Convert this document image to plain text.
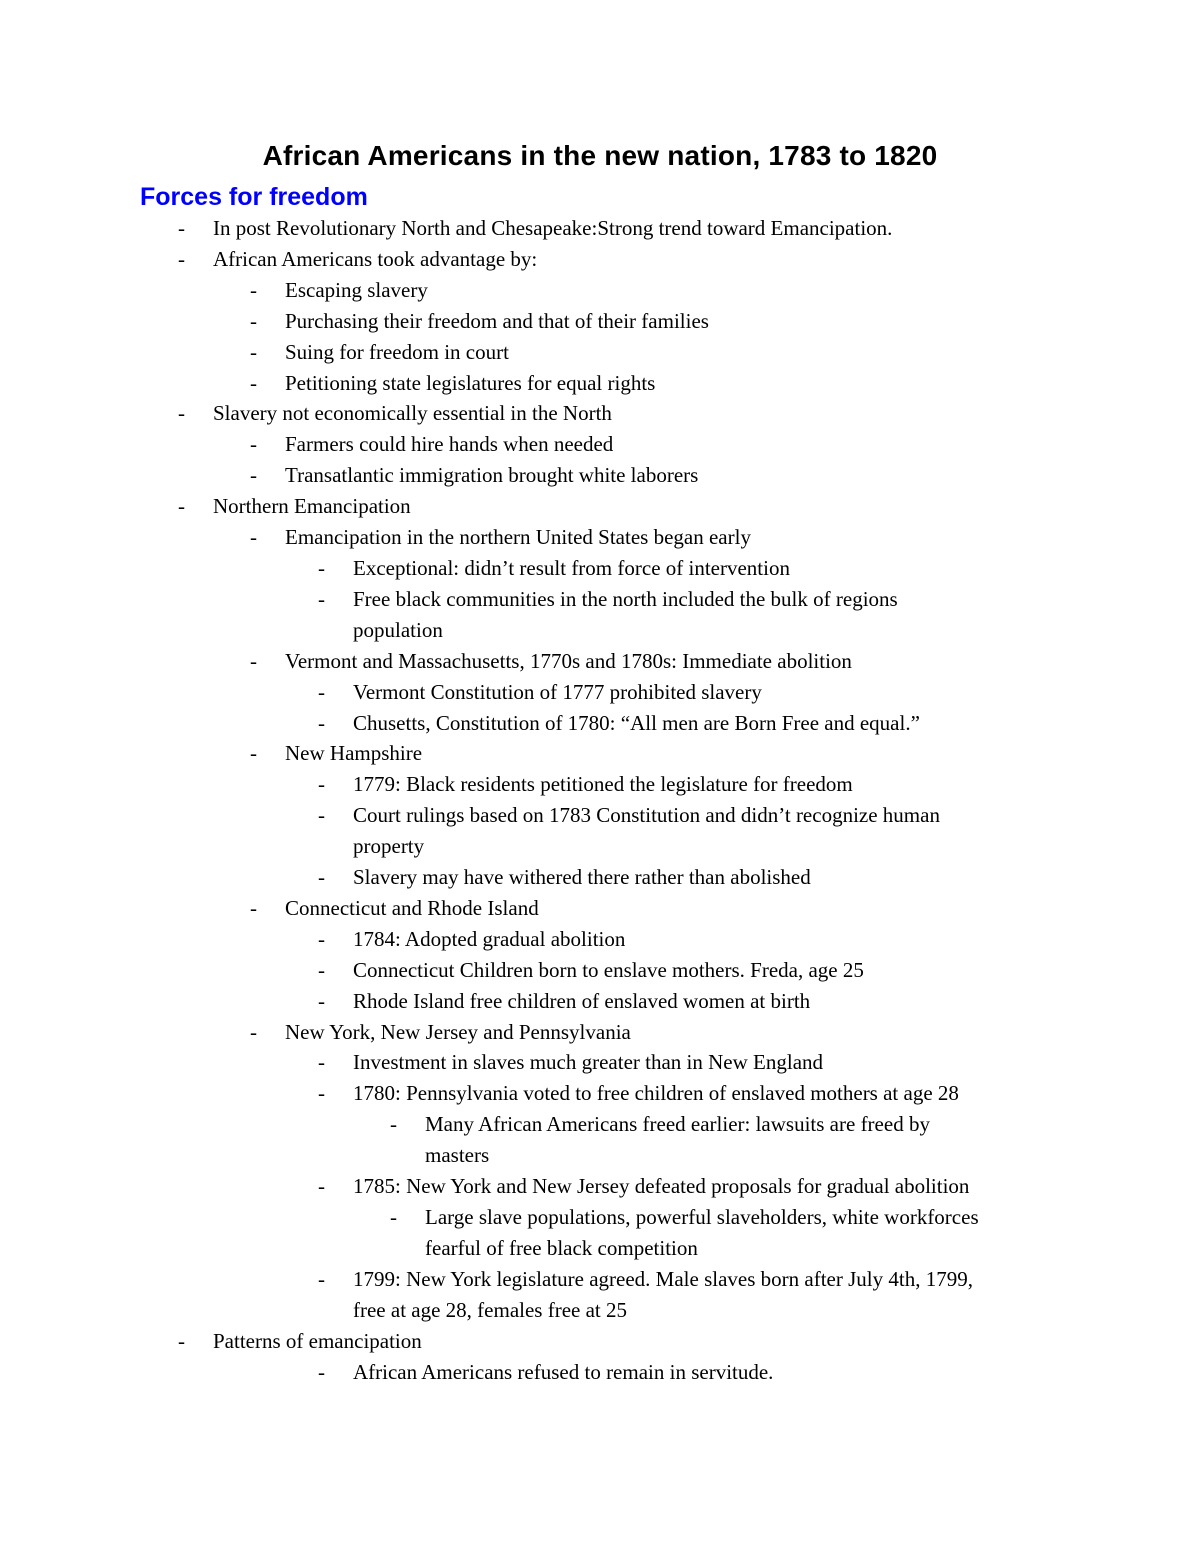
African Americans in the new nation, 1783 to 1820
Forces for freedom
-	In post Revolutionary North and Chesapeake:Strong trend toward Emancipation.
-	African Americans took advantage by:
-	Escaping slavery
-	Purchasing their freedom and that of their families
-	Suing for freedom in court
-	Petitioning state legislatures for equal rights
-	Slavery not economically essential in the North
-	Farmers could hire hands when needed
-	Transatlantic immigration brought white laborers
-	Northern Emancipation
-	Emancipation in the northern United States began early
-	Exceptional: didn’t result from force of intervention
-	Free black communities in the north included the bulk of regions
population
-	Vermont and Massachusetts, 1770s and 1780s: Immediate abolition
-	Vermont Constitution of 1777 prohibited slavery
-	Chusetts, Constitution of 1780: “All men are Born Free and equal.”
-	New Hampshire
-	1779: Black residents petitioned the legislature for freedom
-	Court rulings based on 1783 Constitution and didn’t recognize human
property
-	Slavery may have withered there rather than abolished
-	Connecticut and Rhode Island
-	1784: Adopted gradual abolition
-	Connecticut Children born to enslave mothers. Freda, age 25
-	Rhode Island free children of enslaved women at birth
-	New York, New Jersey and Pennsylvania
-	Investment in slaves much greater than in New England
-	1780: Pennsylvania voted to free children of enslaved mothers at age 28
-	Many African Americans freed earlier: lawsuits are freed by
masters
-	1785: New York and New Jersey defeated proposals for gradual abolition
-	Large slave populations, powerful slaveholders, white workforces
fearful of free black competition
-	1799: New York legislature agreed. Male slaves born after July 4th, 1799,
free at age 28, females free at 25
-	Patterns of emancipation
-	African Americans refused to remain in servitude.
